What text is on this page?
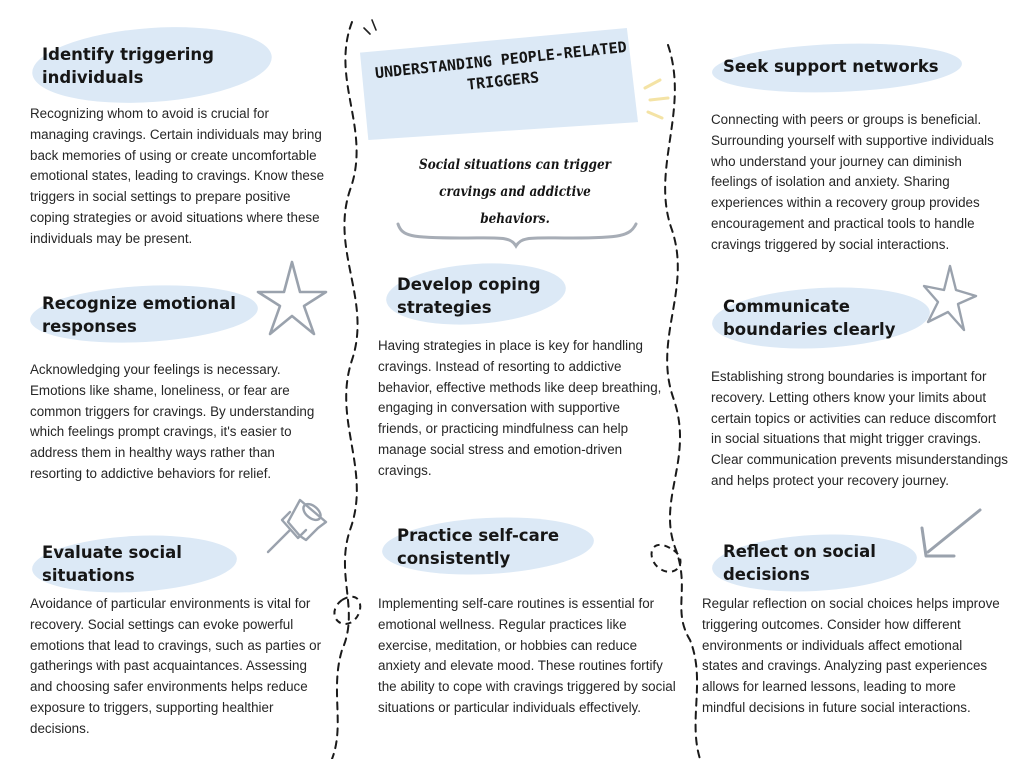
UNDERSTANDING PEOPLE-RELATED TRIGGERS

Social situations can trigger cravings and addictive behaviors.

Identify triggering individuals

Recognizing whom to avoid is crucial for managing cravings. Certain individuals may bring back memories of using or create uncomfortable emotional states, leading to cravings. Know these triggers in social settings to prepare positive coping strategies or avoid situations where these individuals may be present.

Recognize emotional responses

Acknowledging your feelings is necessary. Emotions like shame, loneliness, or fear are common triggers for cravings. By understanding which feelings prompt cravings, it's easier to address them in healthy ways rather than resorting to addictive behaviors for relief.

Evaluate social situations

Avoidance of particular environments is vital for recovery. Social settings can evoke powerful emotions that lead to cravings, such as parties or gatherings with past acquaintances. Assessing and choosing safer environments helps reduce exposure to triggers, supporting healthier decisions.

Develop coping strategies

Having strategies in place is key for handling cravings. Instead of resorting to addictive behavior, effective methods like deep breathing, engaging in conversation with supportive friends, or practicing mindfulness can help manage social stress and emotion-driven cravings.

Practice self-care consistently

Implementing self-care routines is essential for emotional wellness. Regular practices like exercise, meditation, or hobbies can reduce anxiety and elevate mood. These routines fortify the ability to cope with cravings triggered by social situations or particular individuals effectively.

Seek support networks

Connecting with peers or groups is beneficial. Surrounding yourself with supportive individuals who understand your journey can diminish feelings of isolation and anxiety. Sharing experiences within a recovery group provides encouragement and practical tools to handle cravings triggered by social interactions.

Communicate boundaries clearly

Establishing strong boundaries is important for recovery. Letting others know your limits about certain topics or activities can reduce discomfort in social situations that might trigger cravings. Clear communication prevents misunderstandings and helps protect your recovery journey.

Reflect on social decisions

Regular reflection on social choices helps improve triggering outcomes. Consider how different environments or individuals affect emotional states and cravings. Analyzing past experiences allows for learned lessons, leading to more mindful decisions in future social interactions.
